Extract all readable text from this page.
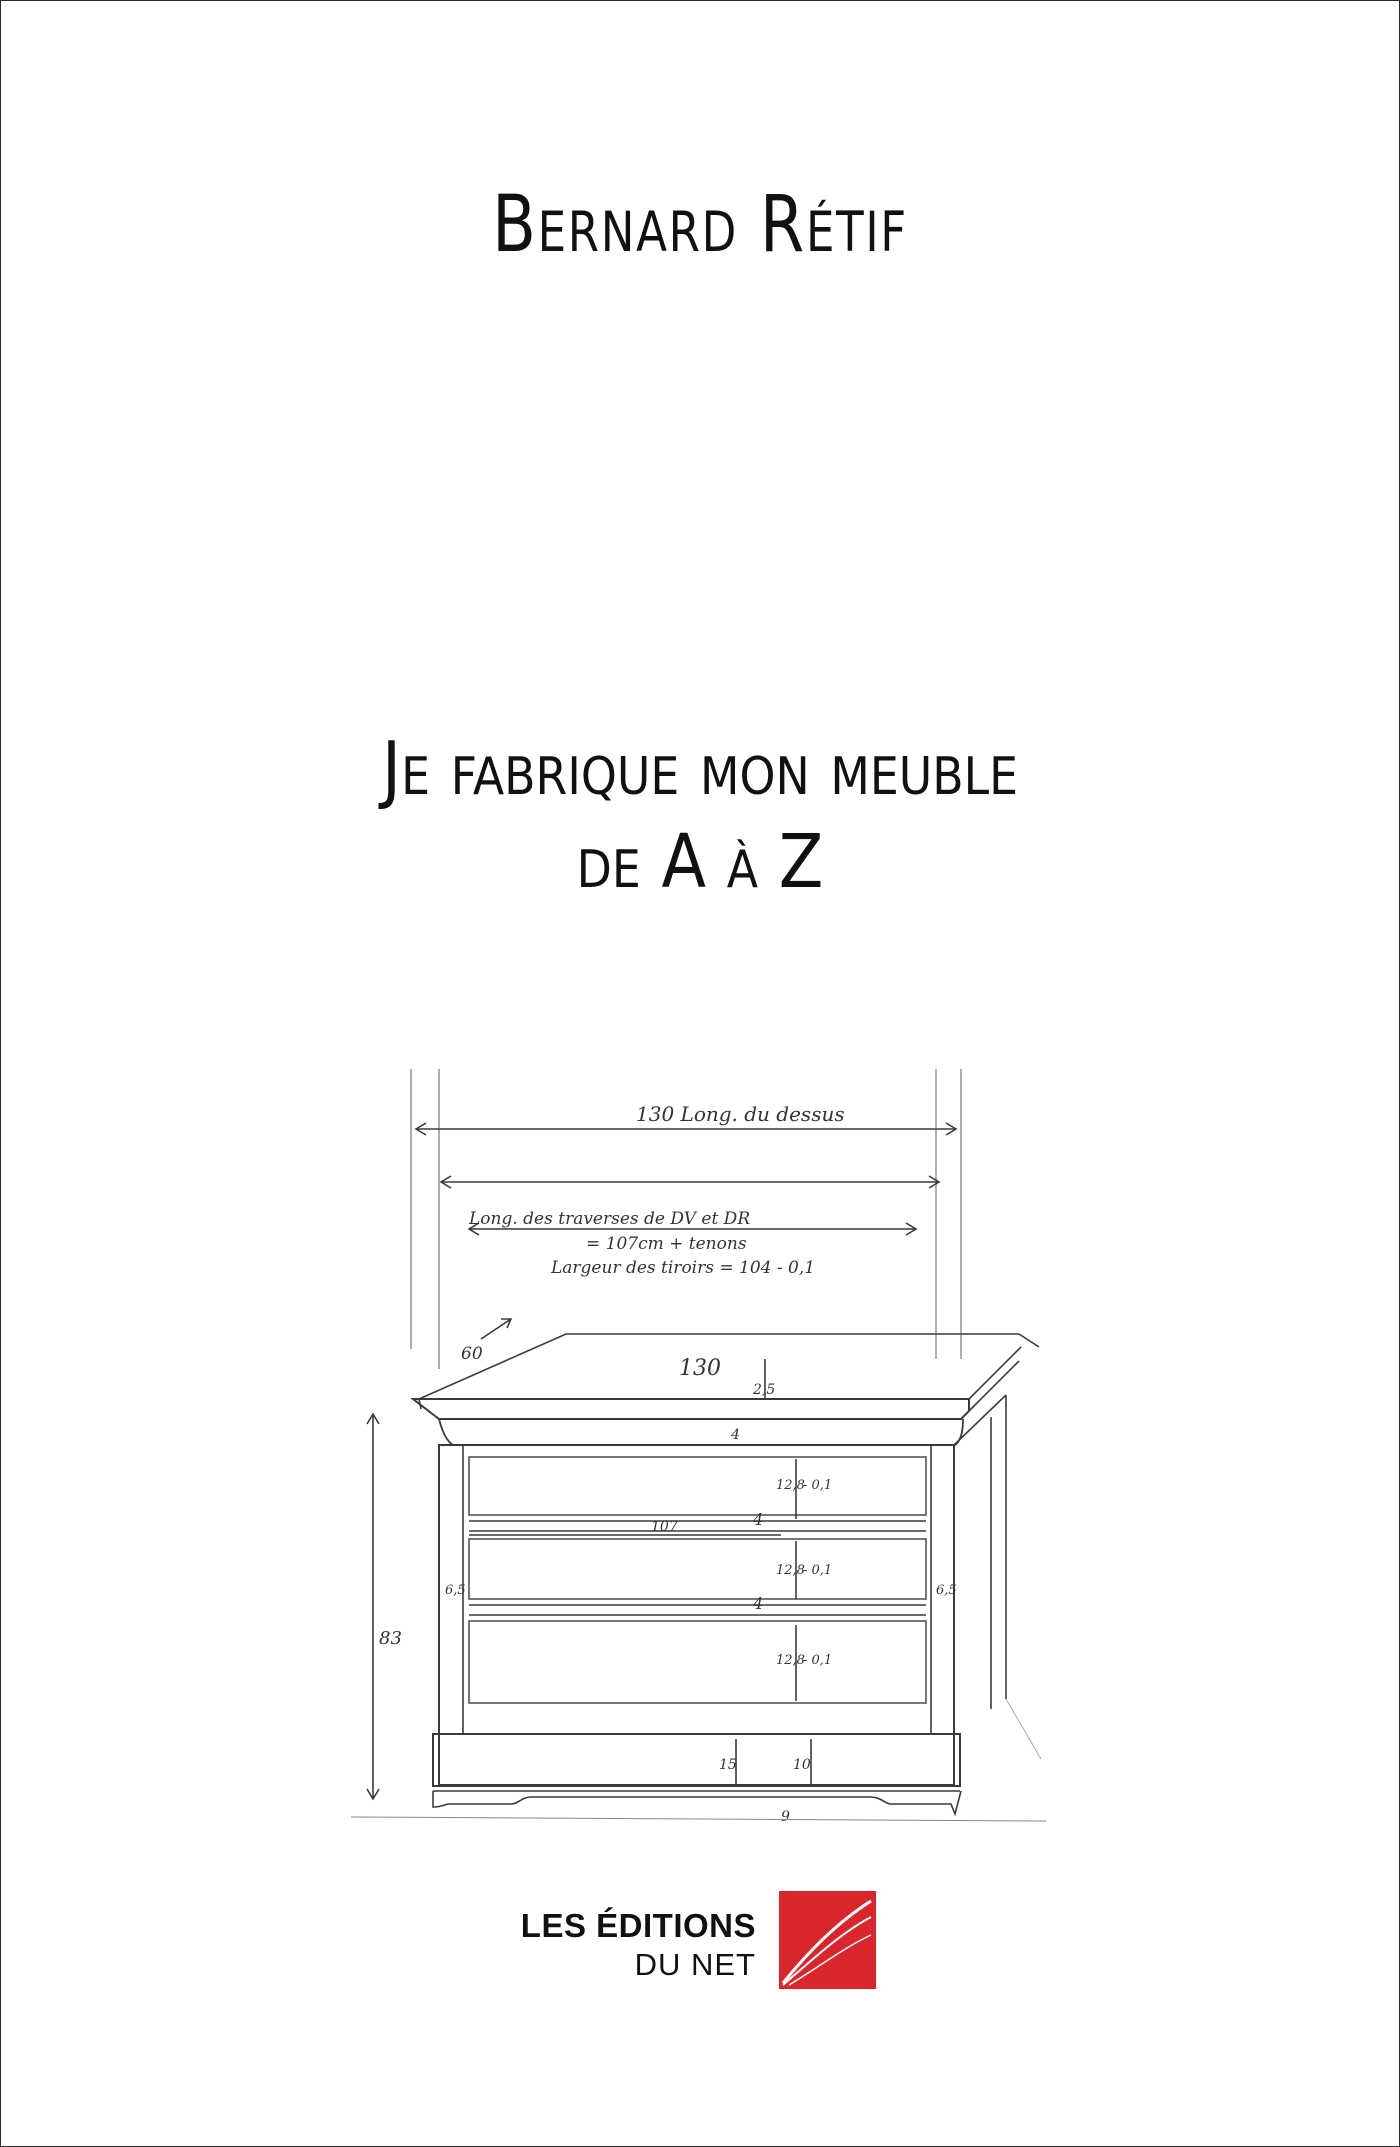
Bernard Rétif
Je fabrique mon meuble
de A à Z
130 Long. du dessus
Long. des traverses de DV et DR
= 107cm + tenons
Largeur des tiroirs = 104 - 0,1
60
130
2,5
4
12,8
- 0,1
12,8
- 0,1
12,8
- 0,1
107	4
4
6,5	6,5
83
15	10
9
LES ÉDITIONS
DU NET
